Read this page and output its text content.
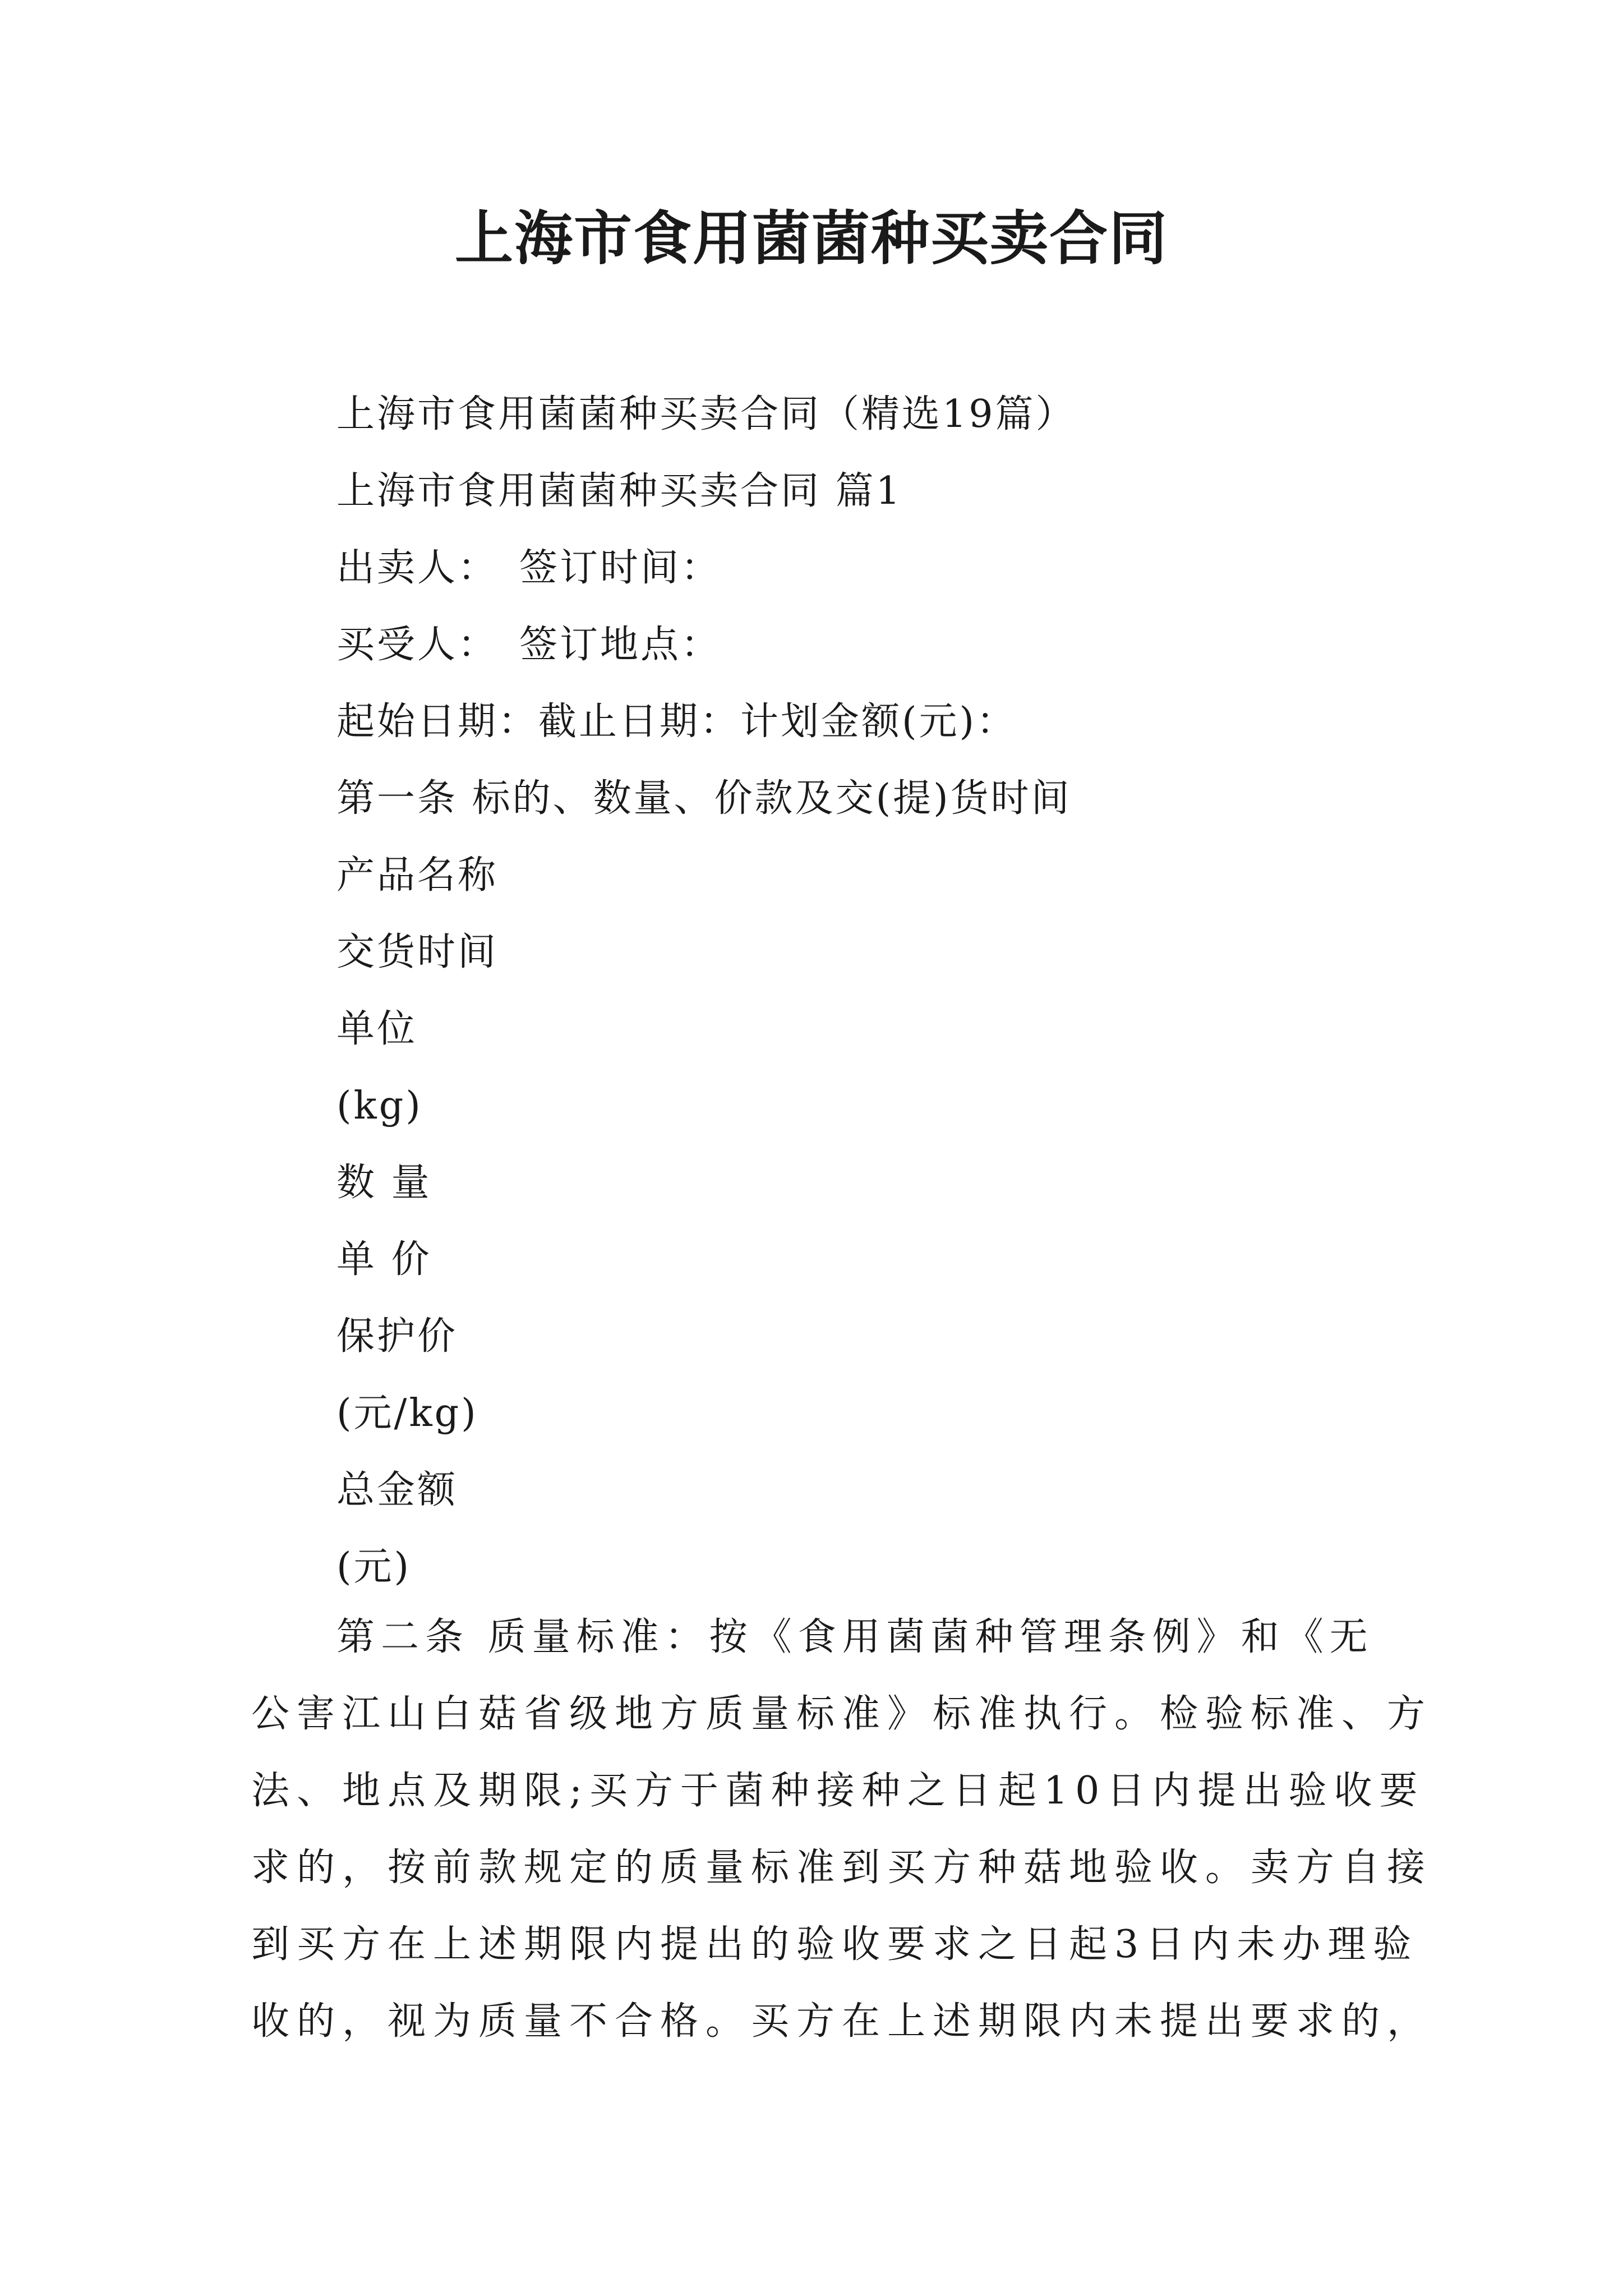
上海市食用菌菌种买卖合同
上海市食用菌菌种买卖合同（精选19篇）
上海市食用菌菌种买卖合同 篇1
出卖人：　签订时间：
买受人：　签订地点：
起始日期：截止日期：计划金额(元)：
第一条 标的、数量、价款及交(提)货时间
产品名称
交货时间
单位
(kg)
数 量
单 价
保护价
(元/kg)
总金额
(元)
第二条 质量标准：按《食用菌菌种管理条例》和《无
公害江山白菇省级地方质量标准》标准执行。检验标准、方
法、地点及期限;买方于菌种接种之日起10日内提出验收要
求的，按前款规定的质量标准到买方种菇地验收。卖方自接
到买方在上述期限内提出的验收要求之日起3日内未办理验
收的，视为质量不合格。买方在上述期限内未提出要求的，
